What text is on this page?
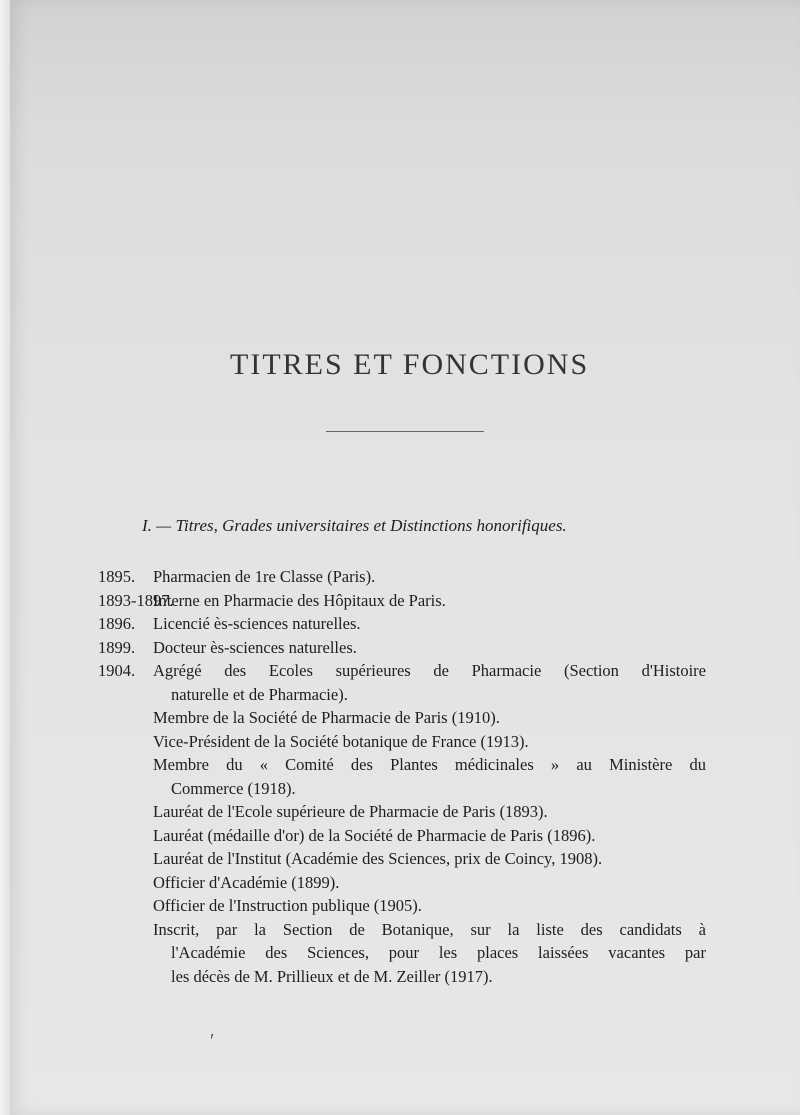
TITRES ET FONCTIONS
I. — Titres, Grades universitaires et Distinctions honorifiques.
1895. Pharmacien de 1re Classe (Paris).
1893-1897.
Interne en Pharmacie des Hôpitaux de Paris.
1896. Licencié ès-sciences naturelles.
1899. Docteur ès-sciences naturelles.
1904. Agrégé des Ecoles supérieures de Pharmacie (Section d'Histoire
naturelle et de Pharmacie).
Membre de la Société de Pharmacie de Paris (1910).
Vice-Président de la Société botanique de France (1913).
Membre du « Comité des Plantes médicinales » au Ministère du
Commerce (1918).
Lauréat de l'Ecole supérieure de Pharmacie de Paris (1893).
Lauréat (médaille d'or) de la Société de Pharmacie de Paris (1896).
Lauréat de l'Institut (Académie des Sciences, prix de Coincy, 1908).
Officier d'Académie (1899).
Officier de l'Instruction publique (1905).
Inscrit, par la Section de Botanique, sur la liste des candidats à
l'Académie des Sciences, pour les places laissées vacantes par
les décès de M. Prillieux et de M. Zeiller (1917).
′
